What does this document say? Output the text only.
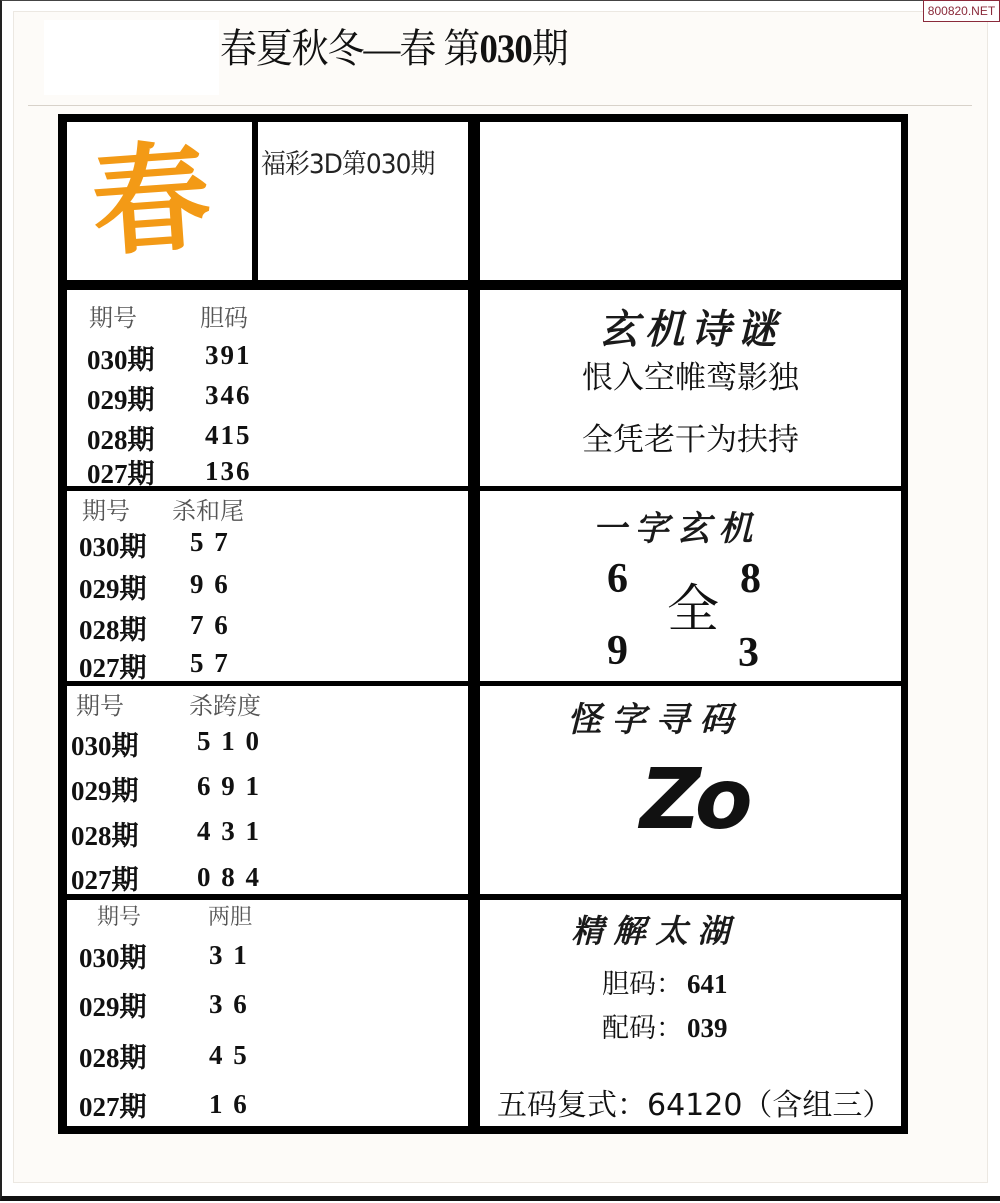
800820.NET
春夏秋冬—春 第030期
春 福彩3D第030期
期号	胆码
030期 391
029期 346
028期 415
027期 136
期号 杀和尾
030期 5 7
029期 9 6
028期 7 6
027期 5 7
期号	杀跨度
030期 5 1 0
029期 6 9 1
028期 4 3 1
027期 0 8 4
期号	两胆
030期 3 1
029期 3 6
028期 4 5
027期 1 6
玄机诗谜
恨入空帷鸾影独
全凭老干为扶持
一字玄机
6	8
全
9	3
怪字寻码
Zo
精解太湖
胆码： 641
配码： 039
五码复式：64120（含组三）
